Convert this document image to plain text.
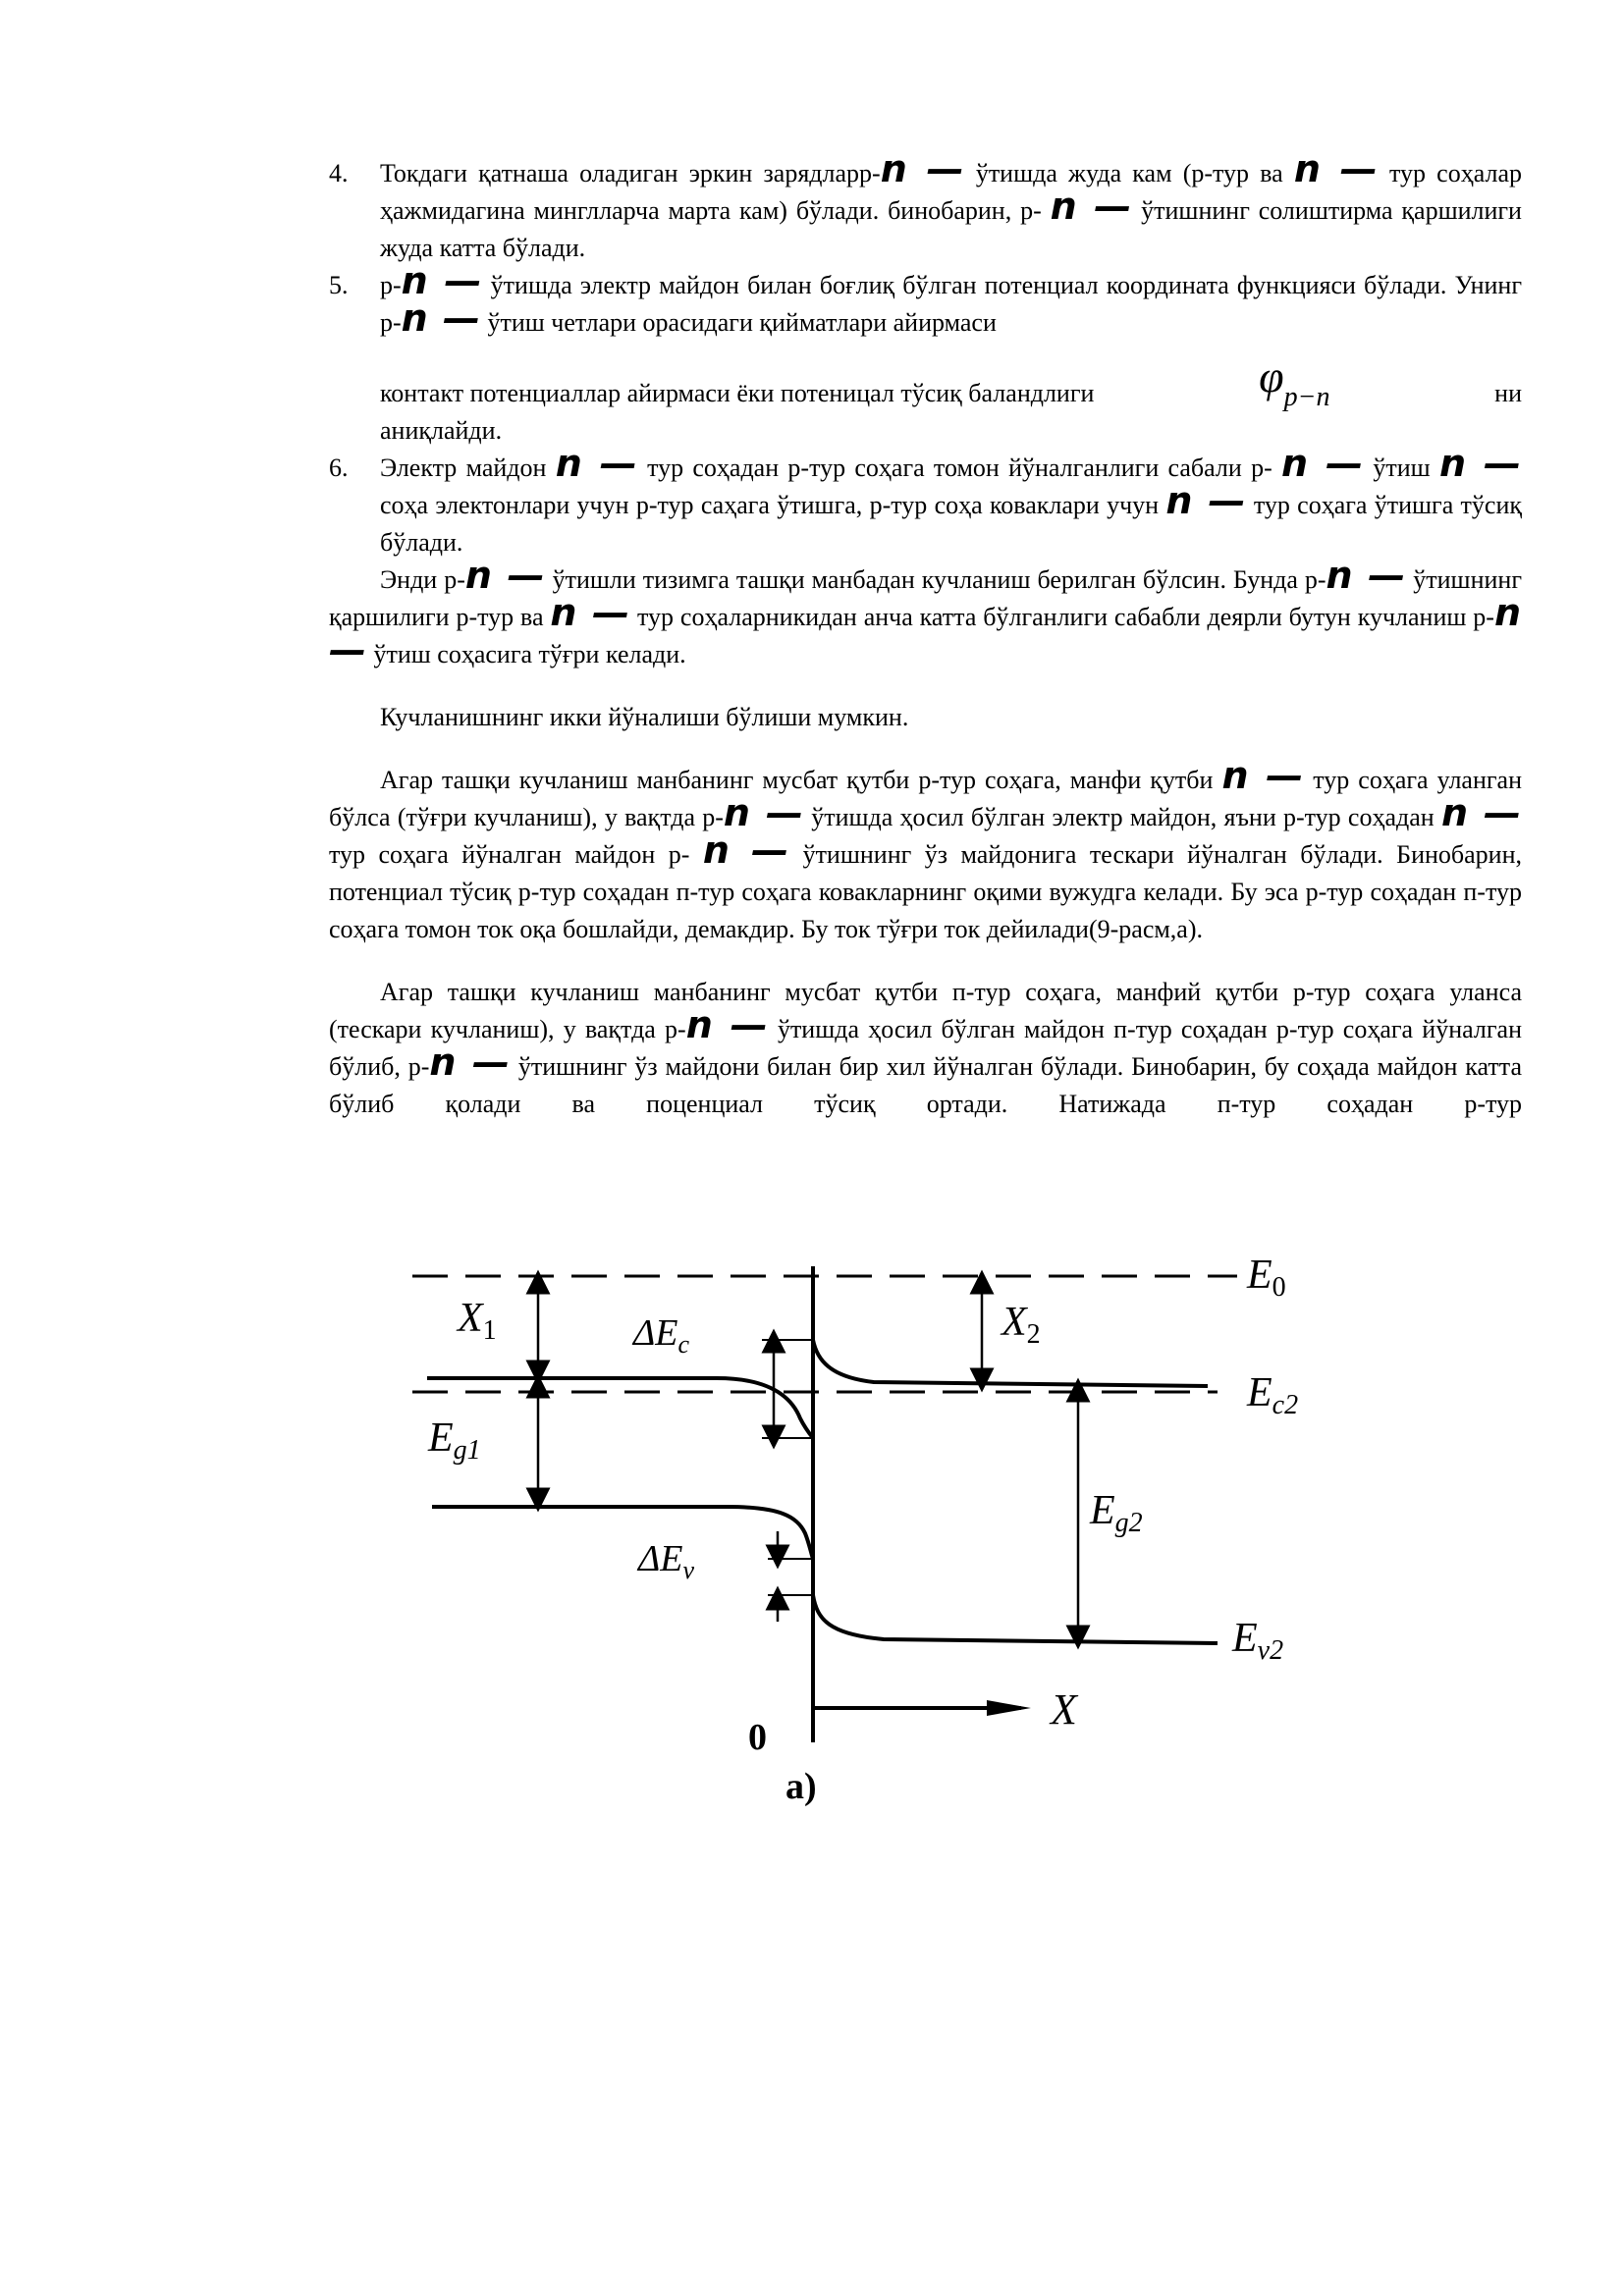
4. Токдаги қатнаша оладиган эркин зарядларр-n — ўтишда жуда кам (р-тур ва n — тур соҳалар ҳажмидагина минглларча марта кам) бўлади. бинобарин, р- n — ўтишнинг солиштирма қаршилиги жуда катта бўлади.
5. р-n — ўтишда электр майдон билан боғлиқ бўлган потенциал координата функцияси бўлади. Унинг р-n — ўтиш четлари орасидаги қийматлари айирмаси
контакт потенциаллар айирмаси ёки потеницал тўсиқ баландлиги	φp−n	ни
аниқлайди.
6. Электр майдон n — тур соҳадан р-тур соҳага томон йўналганлиги сабали р- n — ўтиш n — соҳа электонлари учун р-тур саҳага ўтишга, р-тур соҳа коваклари учун n — тур соҳага ўтишга тўсиқ бўлади.

Энди р-n — ўтишли тизимга ташқи манбадан кучланиш берилган бўлсин. Бунда р-n — ўтишнинг қаршилиги р-тур ва n — тур соҳаларникидан анча катта бўлганлиги сабабли деярли бутун кучланиш р-n — ўтиш соҳасига тўғри келади.

Кучланишнинг икки йўналиши бўлиши мумкин.

Агар ташқи кучланиш манбанинг мусбат қутби р-тур соҳага, манфи қутби n — тур соҳага уланган бўлса (тўғри кучланиш), у вақтда р-n — ўтишда ҳосил бўлган электр майдон, яъни р-тур соҳадан n — тур соҳага йўналган майдон р- n — ўтишнинг ўз майдонига тескари йўналган бўлади. Бинобарин, потенциал тўсиқ р-тур соҳадан п-тур соҳага ковакларнинг оқими вужудга келади. Бу эса р-тур соҳадан п-тур соҳага томон ток оқа бошлайди, демакдир. Бу ток тўғри ток дейилади(9-расм,а).

Агар ташқи кучланиш манбанинг мусбат қутби п-тур соҳага, манфий қутби р-тур соҳага уланса (тескари кучланиш), у вақтда р-n — ўтишда ҳосил бўлган майдон п-тур соҳадан р-тур соҳага йўналган бўлиб, р-n — ўтишнинг ўз майдони билан бир хил йўналган бўлади. Бинобарин, бу соҳада майдон катта бўлиб қолади ва поценциал тўсиқ ортади. Натижада п-тур соҳадан р-тур

E0
X1	X2
$\Delta E_c$
Ec2
Eg1
Eg2
$\Delta E_v$
Ev2
0
X
а)
